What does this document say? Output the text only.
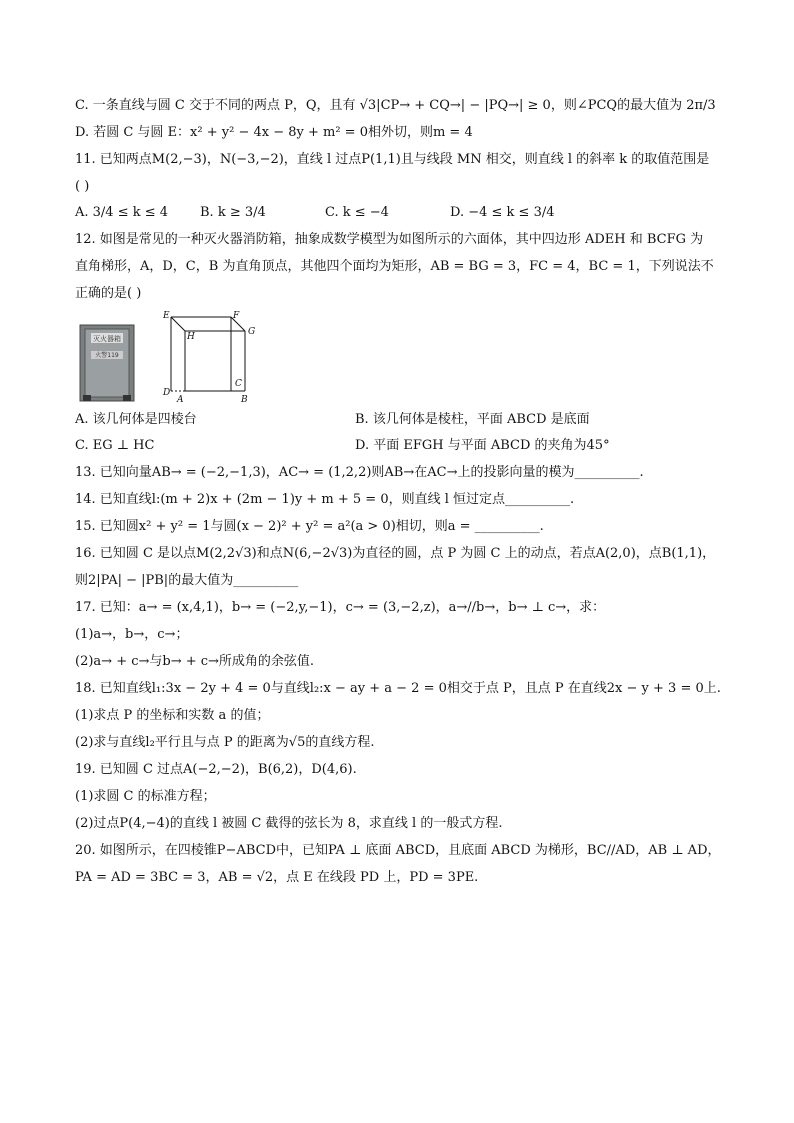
C. 一条直线与圆 C 交于不同的两点 P，Q，且有 √3|CP→ + CQ→| − |PQ→| ≥ 0，则∠PCQ的最大值为 2π/3
D. 若圆 C 与圆 E：x² + y² − 4x − 8y + m² = 0相外切，则m = 4
11. 已知两点M(2,−3)，N(−3,−2)，直线 l 过点P(1,1)且与线段 MN 相交，则直线 l 的斜率 k 的取值范围是
( )
A. 3/4 ≤ k ≤ 4	B. k ≥ 3/4	C. k ≤ −4	D. −4 ≤ k ≤ 3/4
12. 如图是常见的一种灭火器消防箱，抽象成数学模型为如图所示的六面体，其中四边形 ADEH 和 BCFG 为
直角梯形，A，D，C，B 为直角顶点，其他四个面均为矩形，AB = BG = 3，FC = 4，BC = 1，下列说法不
正确的是( )
灭火器箱
火警119
E	F
H	G
C
D
A	B
A. 该几何体是四棱台	B. 该几何体是棱柱，平面 ABCD 是底面
C. EG ⊥ HC	D. 平面 EFGH 与平面 ABCD 的夹角为45°
13. 已知向量AB→ = (−2,−1,3)，AC→ = (1,2,2)则AB→在AC→上的投影向量的模为__________.
14. 已知直线l:(m + 2)x + (2m − 1)y + m + 5 = 0，则直线 l 恒过定点__________.
15. 已知圆x² + y² = 1与圆(x − 2)² + y² = a²(a > 0)相切，则a = __________.
16. 已知圆 C 是以点M(2,2√3)和点N(6,−2√3)为直径的圆，点 P 为圆 C 上的动点，若点A(2,0)，点B(1,1)，
则2|PA| − |PB|的最大值为__________
17. 已知：a→ = (x,4,1)，b→ = (−2,y,−1)，c→ = (3,−2,z)，a→//b→，b→ ⊥ c→，求：
(1)a→，b→，c→；
(2)a→ + c→与b→ + c→所成角的余弦值.
18. 已知直线l₁:3x − 2y + 4 = 0与直线l₂:x − ay + a − 2 = 0相交于点 P，且点 P 在直线2x − y + 3 = 0上.
(1)求点 P 的坐标和实数 a 的值；
(2)求与直线l₂平行且与点 P 的距离为√5的直线方程.
19. 已知圆 C 过点A(−2,−2)，B(6,2)，D(4,6).
(1)求圆 C 的标准方程；
(2)过点P(4,−4)的直线 l 被圆 C 截得的弦长为 8，求直线 l 的一般式方程.
20. 如图所示，在四棱锥P−ABCD中，已知PA ⊥ 底面 ABCD，且底面 ABCD 为梯形，BC//AD，AB ⊥ AD，
PA = AD = 3BC = 3，AB = √2，点 E 在线段 PD 上，PD = 3PE.
